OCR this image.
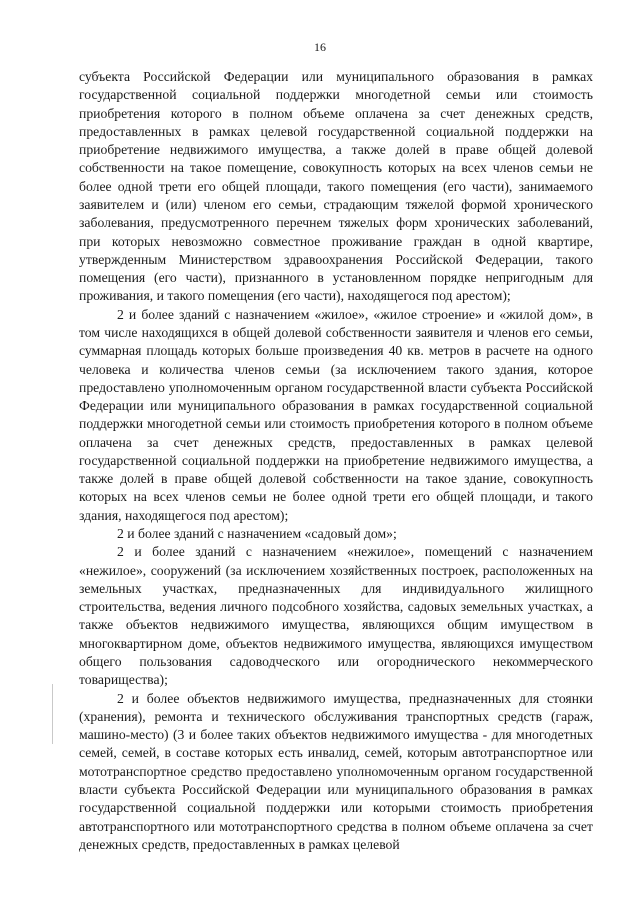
16

субъекта Российской Федерации или муниципального образования в рамках государственной социальной поддержки многодетной семьи или стоимость приобретения которого в полном объеме оплачена за счет денежных средств, предоставленных в рамках целевой государственной социальной поддержки на приобретение недвижимого имущества, а также долей в праве общей долевой собственности на такое помещение, совокупность которых на всех членов семьи не более одной трети его общей площади, такого помещения (его части), занимаемого заявителем и (или) членом его семьи, страдающим тяжелой формой хронического заболевания, предусмотренного перечнем тяжелых форм хронических заболеваний, при которых невозможно совместное проживание граждан в одной квартире, утвержденным Министерством здравоохранения Российской Федерации, такого помещения (его части), признанного в установленном порядке непригодным для проживания, и такого помещения (его части), находящегося под арестом);

2 и более зданий с назначением «жилое», «жилое строение» и «жилой дом», в том числе находящихся в общей долевой собственности заявителя и членов его семьи, суммарная площадь которых больше произведения 40 кв. метров в расчете на одного человека и количества членов семьи (за исключением такого здания, которое предоставлено уполномоченным органом государственной власти субъекта Российской Федерации или муниципального образования в рамках государственной социальной поддержки многодетной семьи или стоимость приобретения которого в полном объеме оплачена за счет денежных средств, предоставленных в рамках целевой государственной социальной поддержки на приобретение недвижимого имущества, а также долей в праве общей долевой собственности на такое здание, совокупность которых на всех членов семьи не более одной трети его общей площади, и такого здания, находящегося под арестом);

2 и более зданий с назначением «садовый дом»;

2 и более зданий с назначением «нежилое», помещений с назначением «нежилое», сооружений (за исключением хозяйственных построек, расположенных на земельных участках, предназначенных для индивидуального жилищного строительства, ведения личного подсобного хозяйства, садовых земельных участках, а также объектов недвижимого имущества, являющихся общим имуществом в многоквартирном доме, объектов недвижимого имущества, являющихся имуществом общего пользования садоводческого или огороднического некоммерческого товарищества);

2 и более объектов недвижимого имущества, предназначенных для стоянки (хранения), ремонта и технического обслуживания транспортных средств (гараж, машино-место) (3 и более таких объектов недвижимого имущества - для многодетных семей, семей, в составе которых есть инвалид, семей, которым автотранспортное или мототранспортное средство предоставлено уполномоченным органом государственной власти субъекта Российской Федерации или муниципального образования в рамках государственной социальной поддержки или которыми стоимость приобретения автотранспортного или мототранспортного средства в полном объеме оплачена за счет денежных средств, предоставленных в рамках целевой
